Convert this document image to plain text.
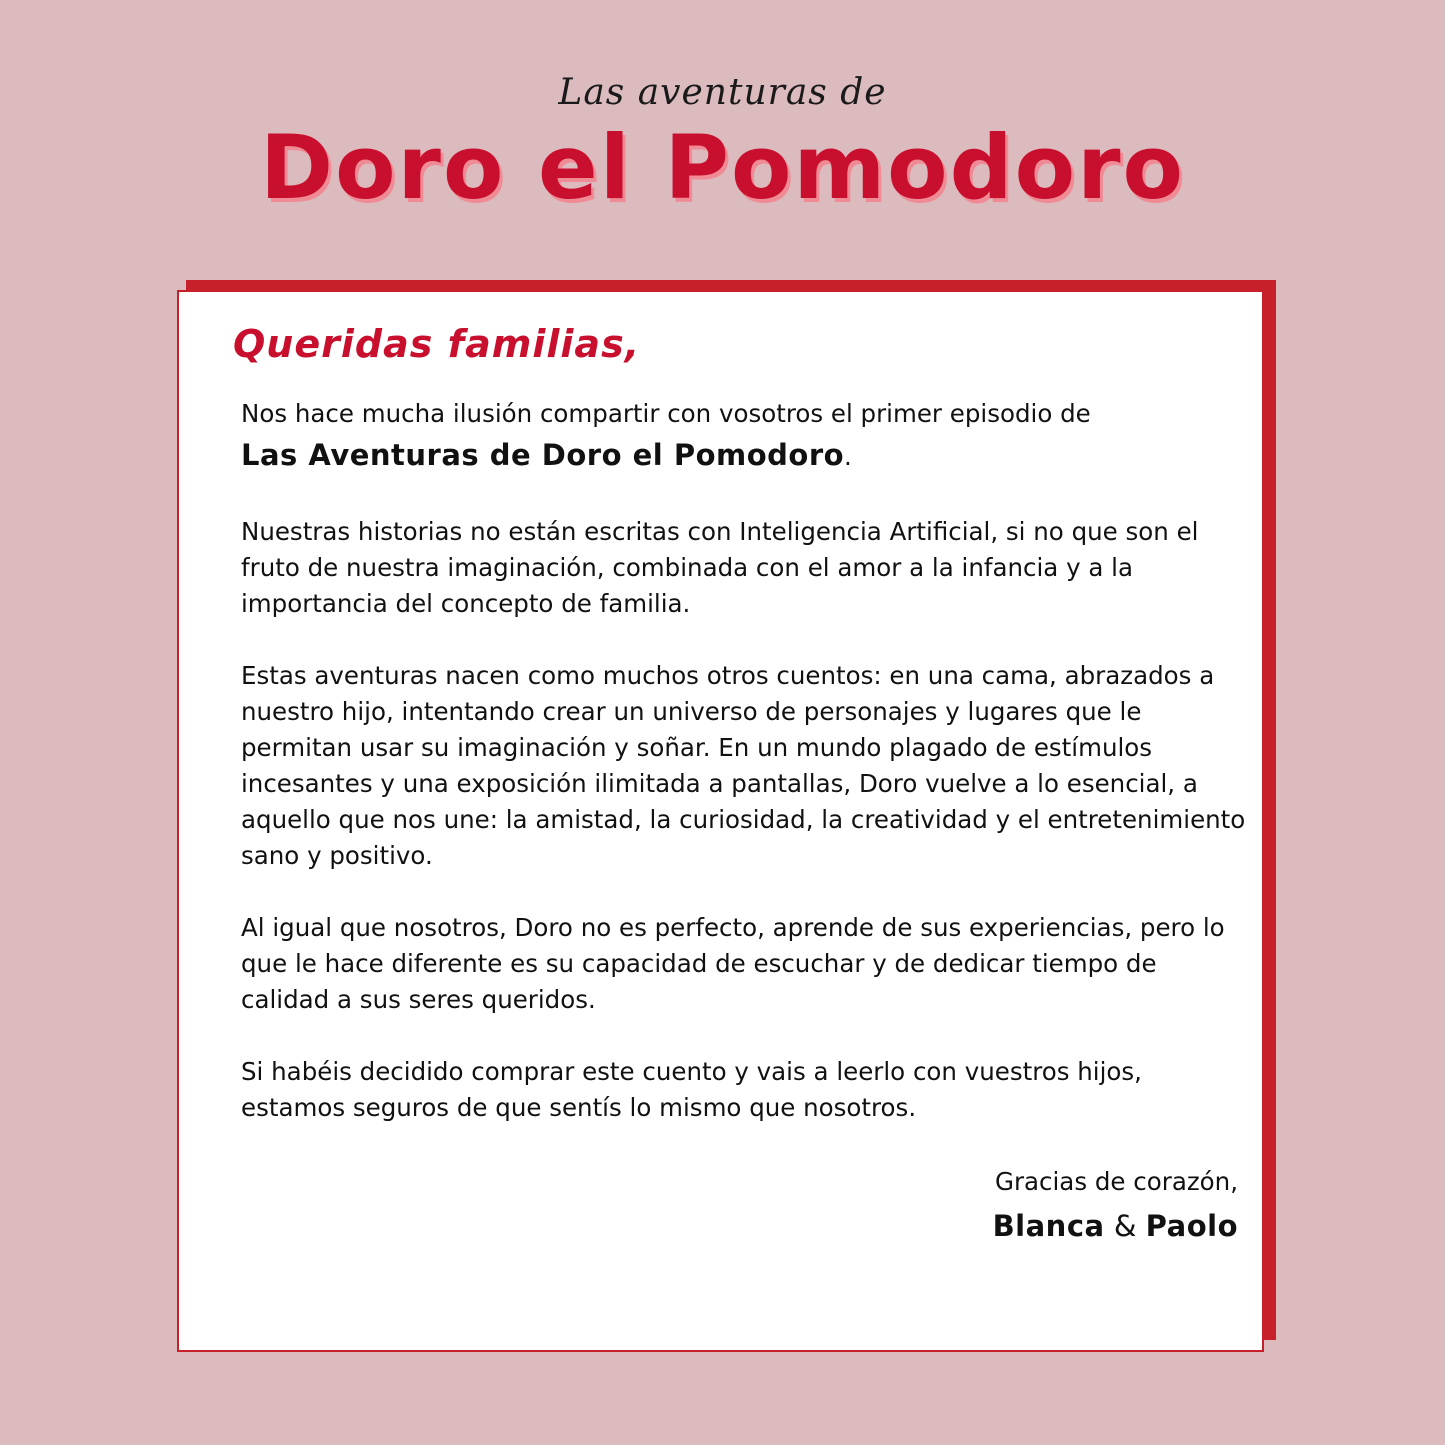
Las aventuras de
Doro el Pomodoro
Queridas familias,

Nos hace mucha ilusión compartir con vosotros el primer episodio de
Las Aventuras de Doro el Pomodoro.

Nuestras historias no están escritas con Inteligencia Artificial, si no que son el fruto de nuestra imaginación, combinada con el amor a la infancia y a la importancia del concepto de familia.

Estas aventuras nacen como muchos otros cuentos: en una cama, abrazados a nuestro hijo, intentando crear un universo de personajes y lugares que le permitan usar su imaginación y soñar. En un mundo plagado de estímulos incesantes y una exposición ilimitada a pantallas, Doro vuelve a lo esencial, a aquello que nos une: la amistad, la curiosidad, la creatividad y el entretenimiento sano y positivo.

Al igual que nosotros, Doro no es perfecto, aprende de sus experiencias, pero lo que le hace diferente es su capacidad de escuchar y de dedicar tiempo de calidad a sus seres queridos.

Si habéis decidido comprar este cuento y vais a leerlo con vuestros hijos, estamos seguros de que sentís lo mismo que nosotros.

Gracias de corazón,
Blanca & Paolo
